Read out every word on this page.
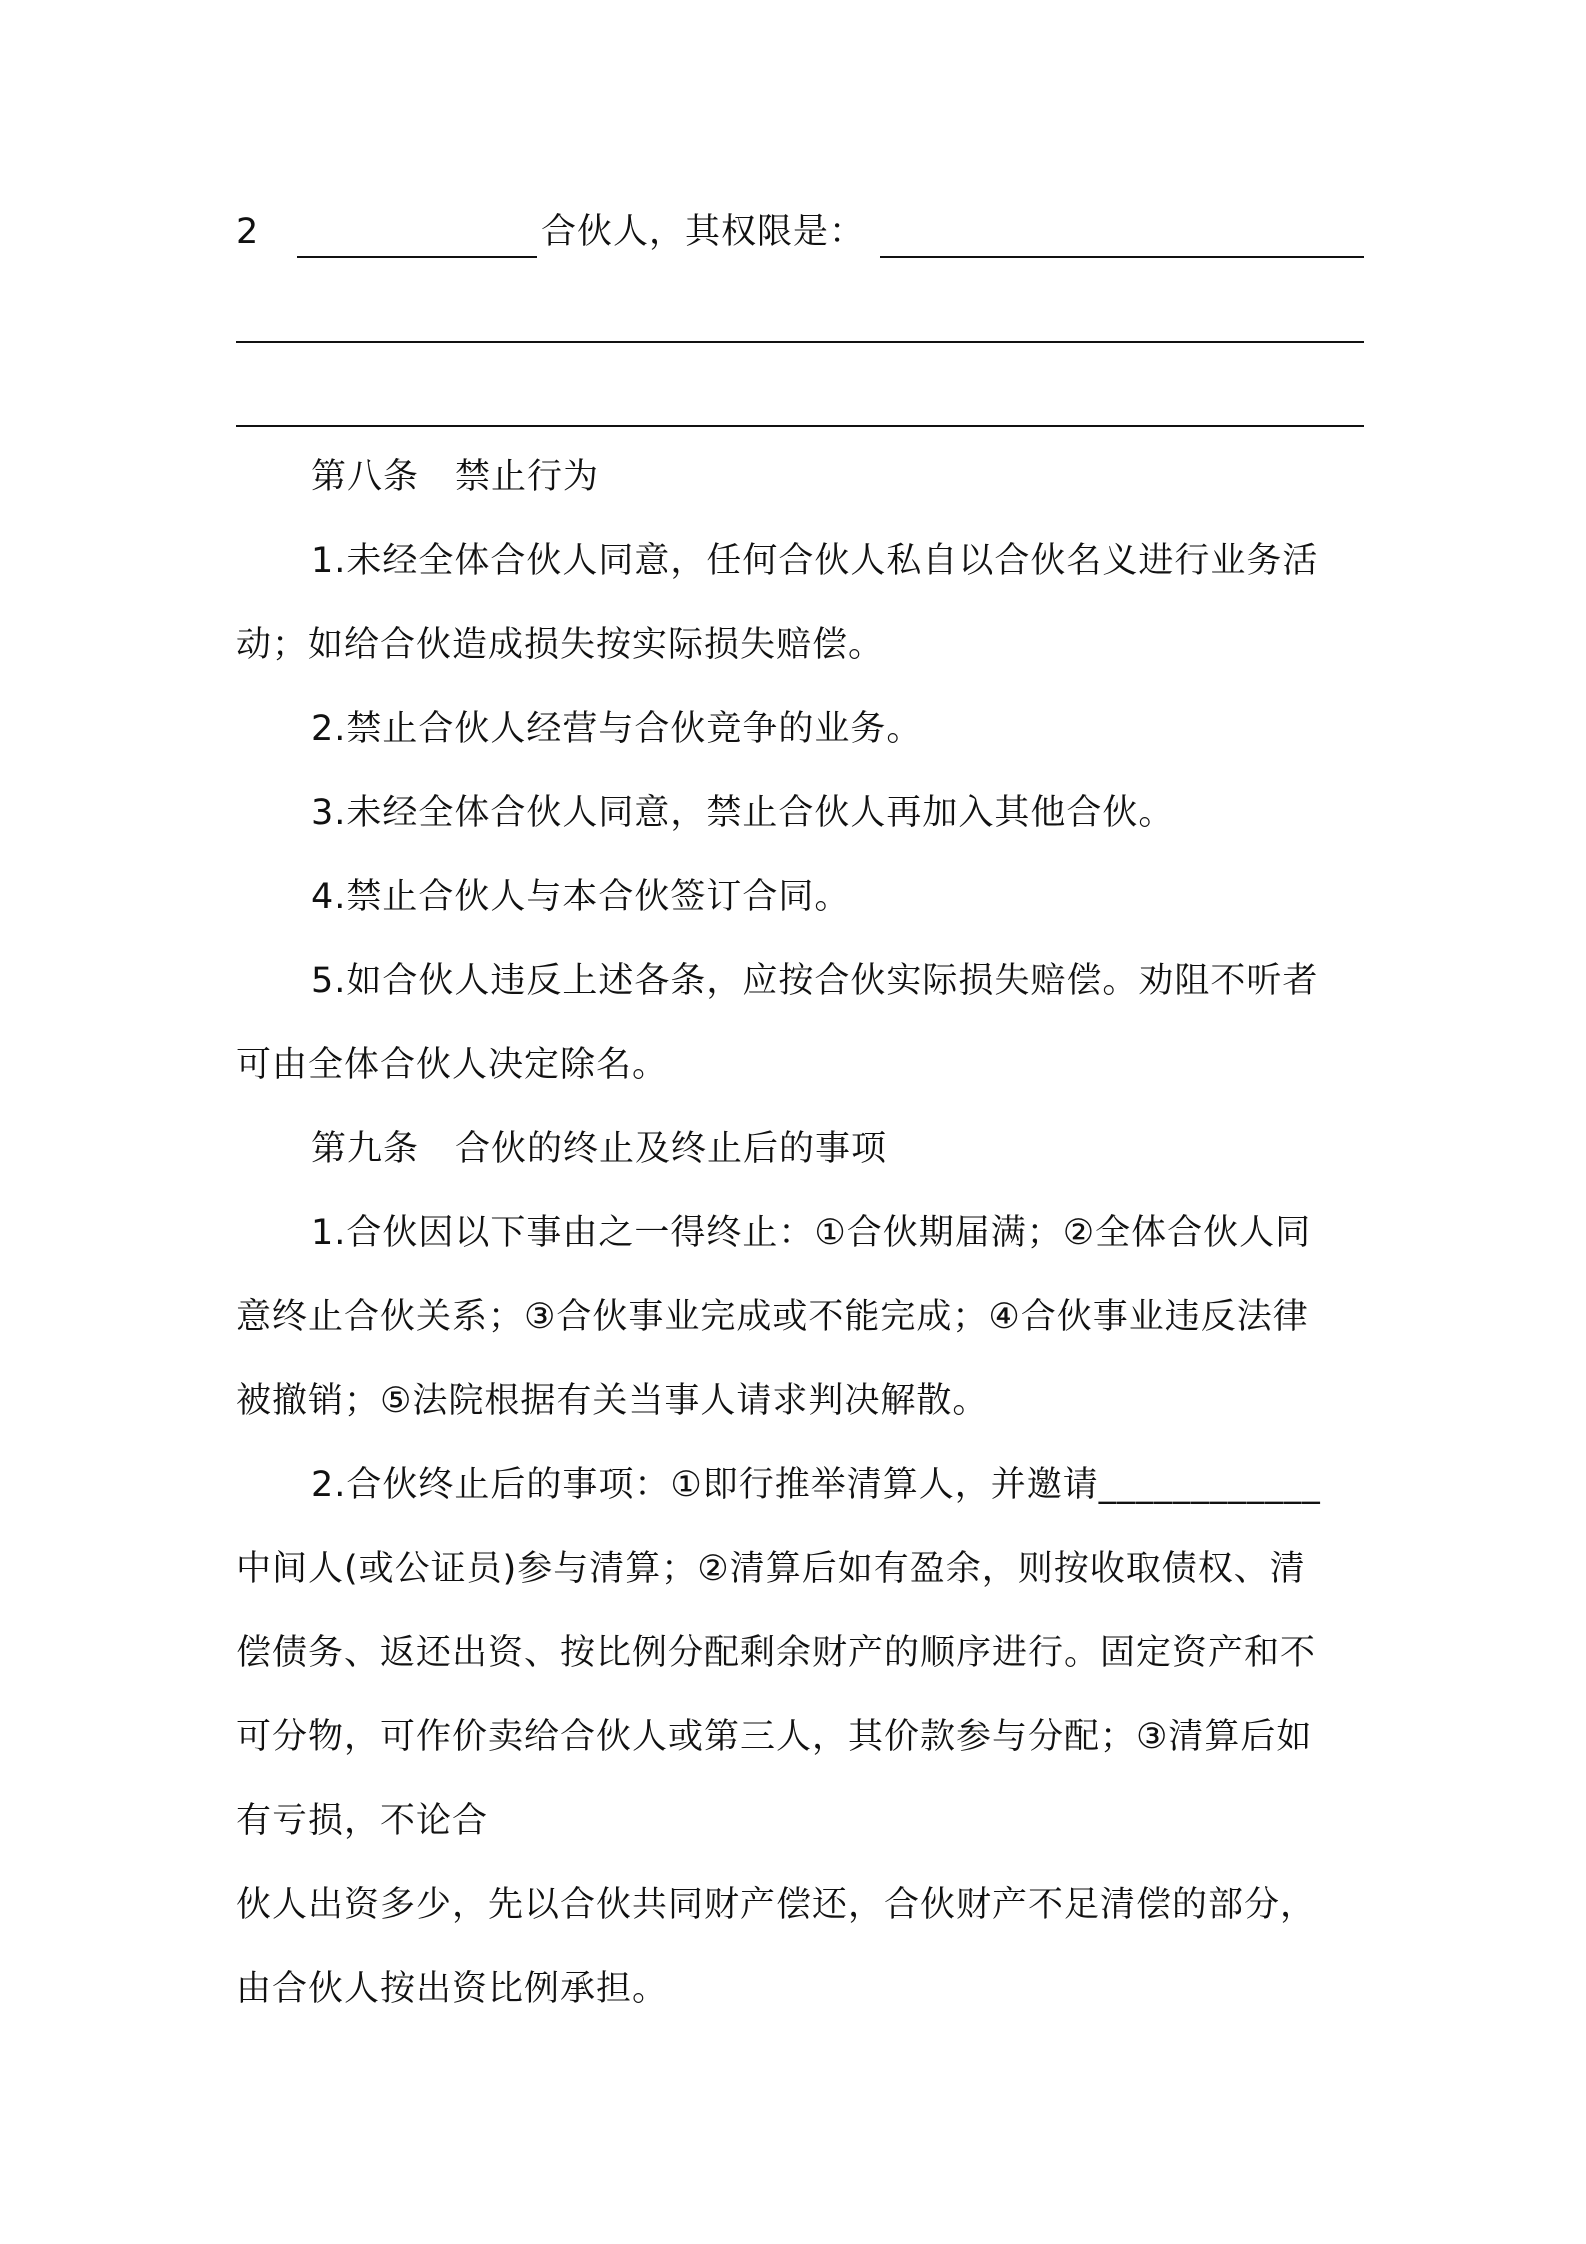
2	合伙人，其权限是：
第八条 禁止行为
1.未经全体合伙人同意，任何合伙人私自以合伙名义进行业务活
动；如给合伙造成损失按实际损失赔偿。
2.禁止合伙人经营与合伙竞争的业务。
3.未经全体合伙人同意，禁止合伙人再加入其他合伙。
4.禁止合伙人与本合伙签订合同。
5.如合伙人违反上述各条，应按合伙实际损失赔偿。劝阻不听者
可由全体合伙人决定除名。
第九条 合伙的终止及终止后的事项
1.合伙因以下事由之一得终止：①合伙期届满；②全体合伙人同
意终止合伙关系；③合伙事业完成或不能完成；④合伙事业违反法律
被撤销；⑤法院根据有关当事人请求判决解散。
2.合伙终止后的事项：①即行推举清算人，并邀请____________
中间人(或公证员)参与清算；②清算后如有盈余，则按收取债权、清
偿债务、返还出资、按比例分配剩余财产的顺序进行。固定资产和不
可分物，可作价卖给合伙人或第三人，其价款参与分配；③清算后如
有亏损，不论合
伙人出资多少，先以合伙共同财产偿还，合伙财产不足清偿的部分，
由合伙人按出资比例承担。
